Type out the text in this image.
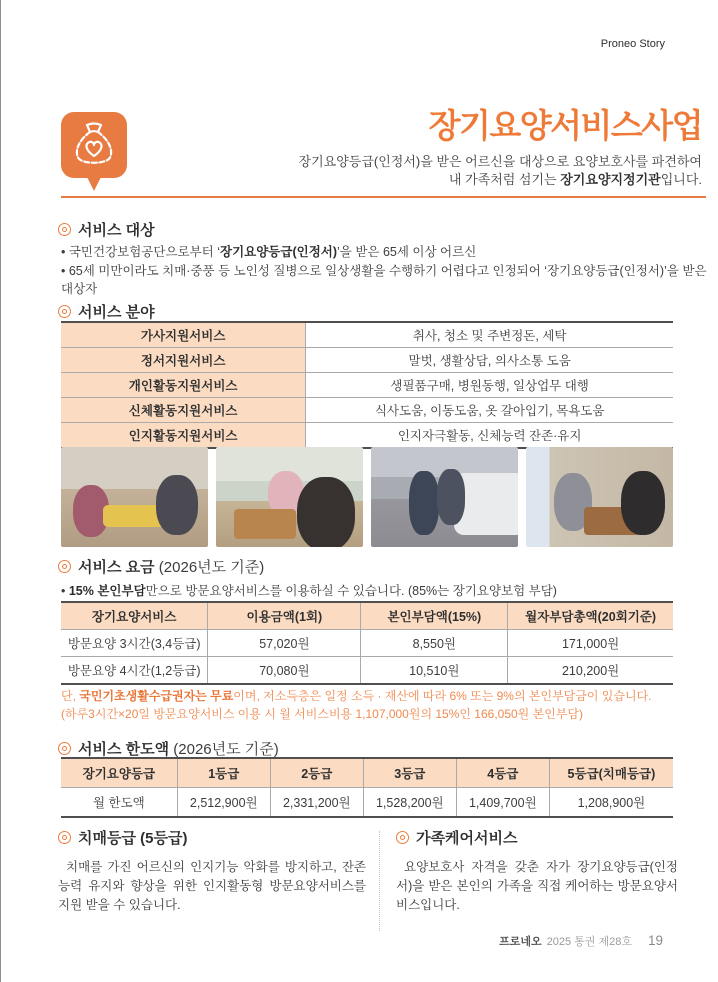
Proneo Story
장기요양서비스사업
장기요양등급(인정서)을 받은 어르신을 대상으로 요양보호사를 파견하여
내 가족처럼 섬기는 장기요양지정기관입니다.
서비스 대상
• 국민건강보험공단으로부터 ‘장기요양등급(인정서)’을 받은 65세 이상 어르신
• 65세 미만이라도 치매·중풍 등 노인성 질병으로 일상생활을 수행하기 어렵다고 인정되어 ‘장기요양등급(인정서)’을 받은 대상자
서비스 분야
가사지원서비스	취사, 청소 및 주변정돈, 세탁
정서지원서비스	말벗, 생활상담, 의사소통 도움
개인활동지원서비스	생필품구매, 병원동행, 일상업무 대행
신체활동지원서비스	식사도움, 이동도움, 옷 갈아입기, 목욕도움
인지활동지원서비스	인지자극활동, 신체능력 잔존·유지
서비스 요금 (2026년도 기준)
• 15% 본인부담만으로 방문요양서비스를 이용하실 수 있습니다. (85%는 장기요양보험 부담)
장기요양서비스	이용금액(1회)	본인부담액(15%)	월자부담총액(20회기준)
방문요양 3시간(3,4등급)	57,020원	8,550원	171,000원
방문요양 4시간(1,2등급)	70,080원	10,510원	210,200원
단, 국민기초생활수급권자는 무료이며, 저소득층은 일정 소득 · 재산에 따라 6% 또는 9%의 본인부담금이 있습니다.
(하루3시간×20일 방문요양서비스 이용 시 월 서비스비용 1,107,000원의 15%인 166,050원 본인부담)
서비스 한도액 (2026년도 기준)
장기요양등급	1등급	2등급	3등급	4등급	5등급(치매등급)
월 한도액	2,512,900원	2,331,200원	1,528,200원	1,409,700원	1,208,900원
치매등급 (5등급)
치매를 가진 어르신의 인지기능 악화를 방지하고, 잔존능력 유지와 향상을 위한 인지활동형 방문요양서비스를 지원 받을 수 있습니다.
가족케어서비스
요양보호사 자격을 갖춘 자가 장기요양등급(인정서)을 받은 본인의 가족을 직접 케어하는 방문요양서비스입니다.
프로네오 2025 통권 제28호 19
